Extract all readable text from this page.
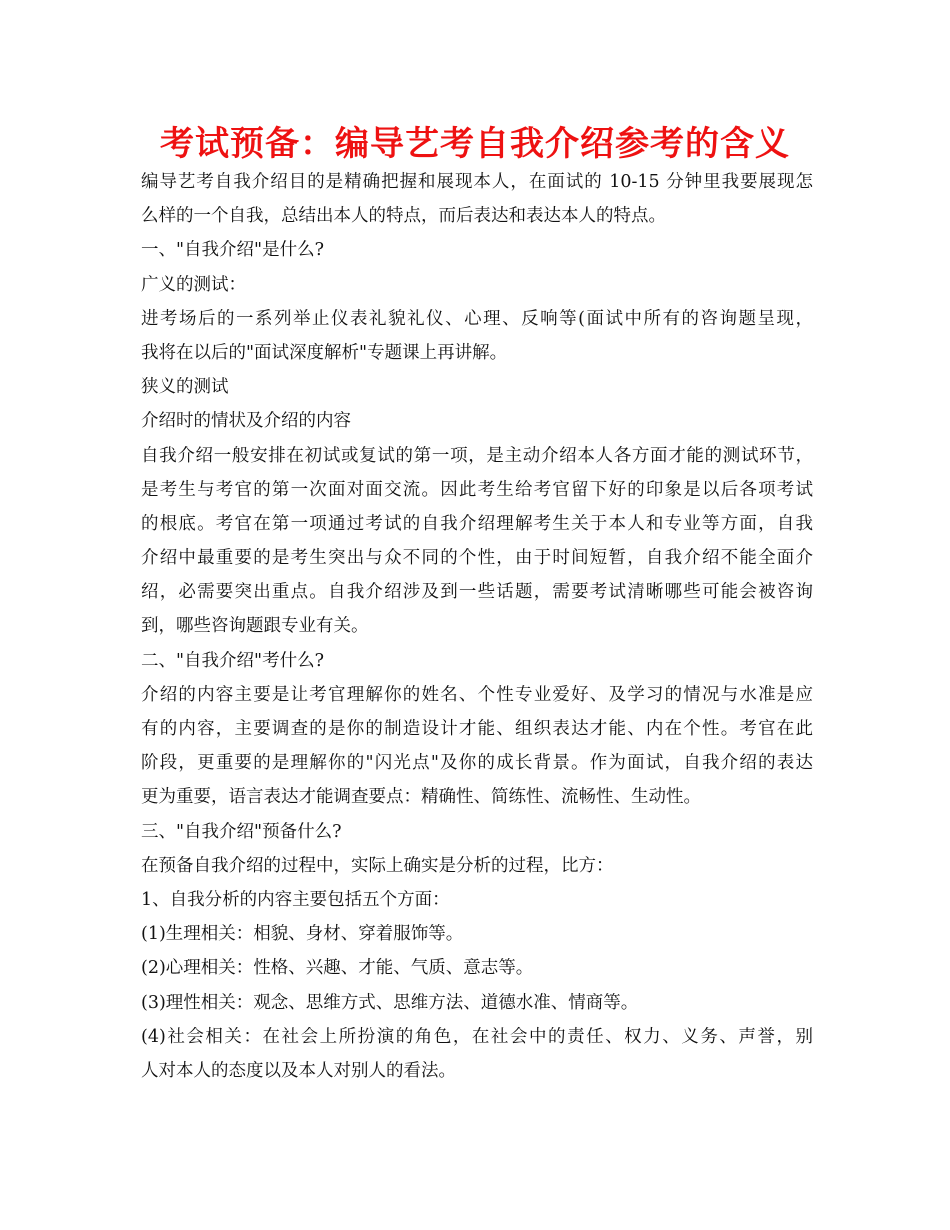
考试预备：编导艺考自我介绍参考的含义
编导艺考自我介绍目的是精确把握和展现本人，在面试的 10-15 分钟里我要展现怎
么样的一个自我，总结出本人的特点，而后表达和表达本人的特点。
一、"自我介绍"是什么?
广义的测试：
进考场后的一系列举止仪表礼貌礼仪、心理、反响等(面试中所有的咨询题呈现，
我将在以后的"面试深度解析"专题课上再讲解。
狭义的测试
介绍时的情状及介绍的内容
自我介绍一般安排在初试或复试的第一项，是主动介绍本人各方面才能的测试环节，
是考生与考官的第一次面对面交流。因此考生给考官留下好的印象是以后各项考试
的根底。考官在第一项通过考试的自我介绍理解考生关于本人和专业等方面，自我
介绍中最重要的是考生突出与众不同的个性，由于时间短暂，自我介绍不能全面介
绍，必需要突出重点。自我介绍涉及到一些话题，需要考试清晰哪些可能会被咨询
到，哪些咨询题跟专业有关。
二、"自我介绍"考什么?
介绍的内容主要是让考官理解你的姓名、个性专业爱好、及学习的情况与水准是应
有的内容，主要调查的是你的制造设计才能、组织表达才能、内在个性。考官在此
阶段，更重要的是理解你的"闪光点"及你的成长背景。作为面试，自我介绍的表达
更为重要，语言表达才能调查要点：精确性、简练性、流畅性、生动性。
三、"自我介绍"预备什么?
在预备自我介绍的过程中，实际上确实是分析的过程，比方：
1、自我分析的内容主要包括五个方面：
(1)生理相关：相貌、身材、穿着服饰等。
(2)心理相关：性格、兴趣、才能、气质、意志等。
(3)理性相关：观念、思维方式、思维方法、道德水准、情商等。
(4)社会相关：在社会上所扮演的角色，在社会中的责任、权力、义务、声誉，别
人对本人的态度以及本人对别人的看法。
